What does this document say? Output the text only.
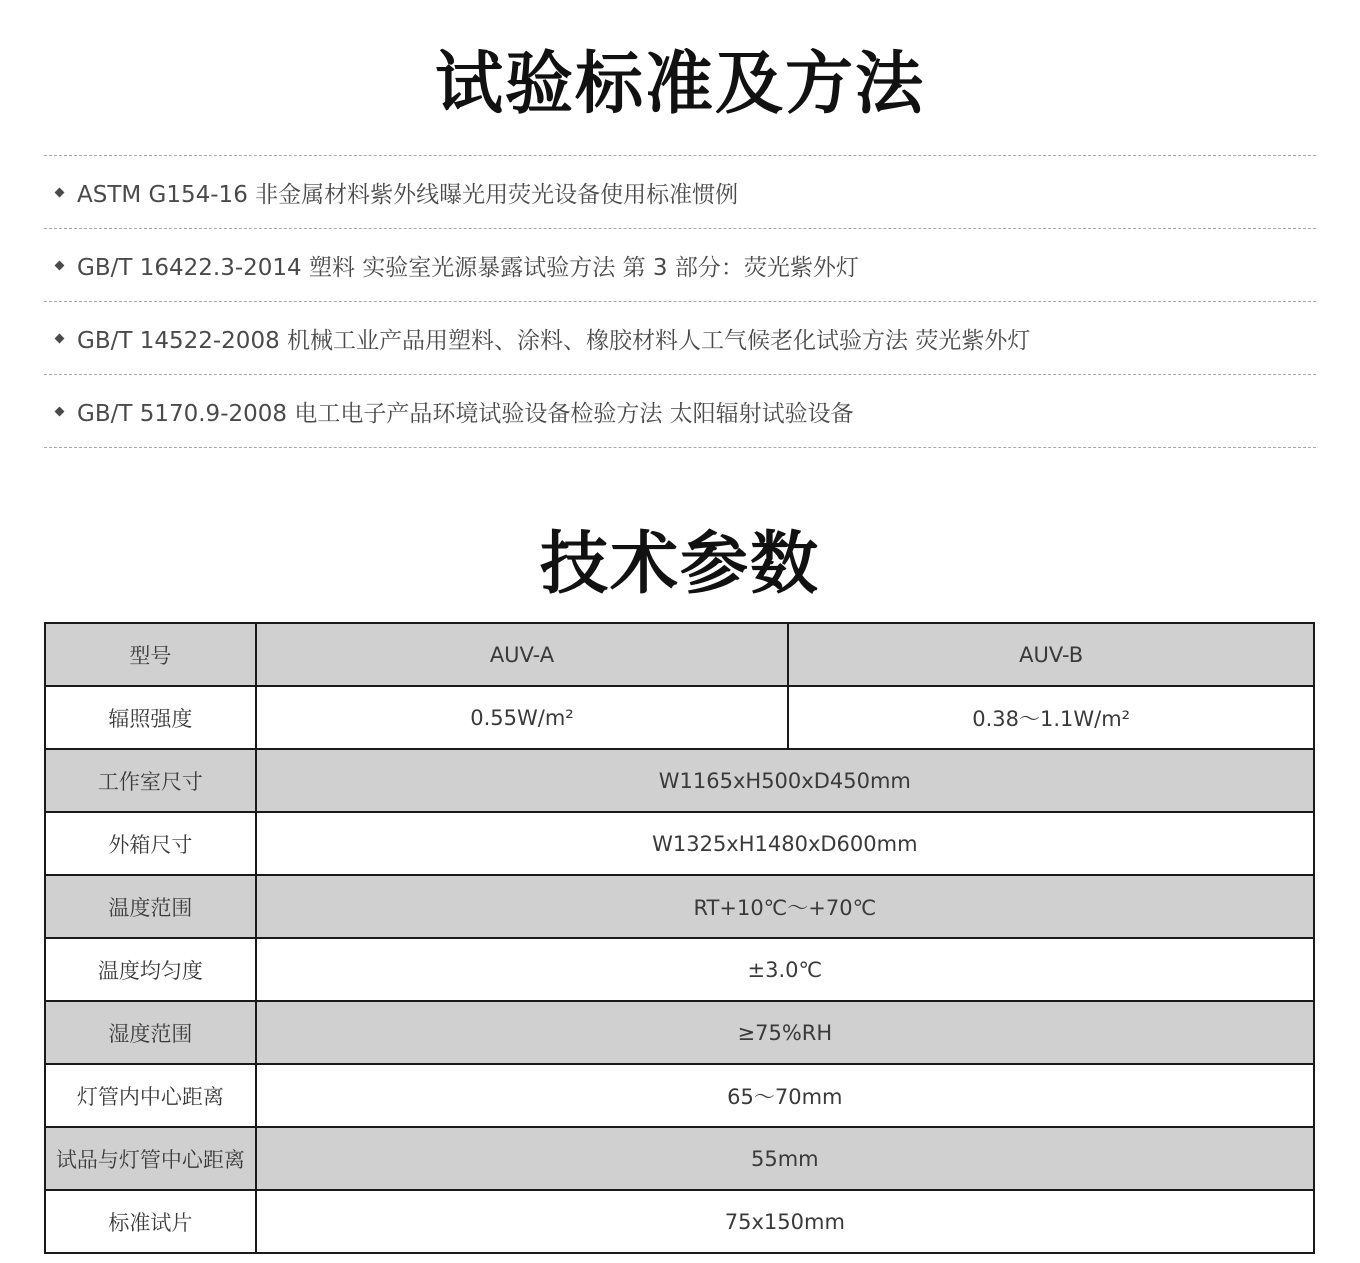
试验标准及方法
ASTM G154-16 非金属材料紫外线曝光用荧光设备使用标准惯例
GB/T 16422.3-2014 塑料 实验室光源暴露试验方法 第 3 部分：荧光紫外灯
GB/T 14522-2008 机械工业产品用塑料、涂料、橡胶材料人工气候老化试验方法 荧光紫外灯
GB/T 5170.9-2008 电工电子产品环境试验设备检验方法 太阳辐射试验设备
技术参数
型号	AUV-A	AUV-B
辐照强度	0.55W/m²	0.38～1.1W/m²
工作室尺寸	W1165xH500xD450mm	
外箱尺寸	W1325xH1480xD600mm	
温度范围	RT+10℃～+70℃	
温度均匀度	±3.0℃	
湿度范围	≥75%RH	
灯管内中心距离	65～70mm	
试品与灯管中心距离	55mm	
标准试片	75x150mm	
